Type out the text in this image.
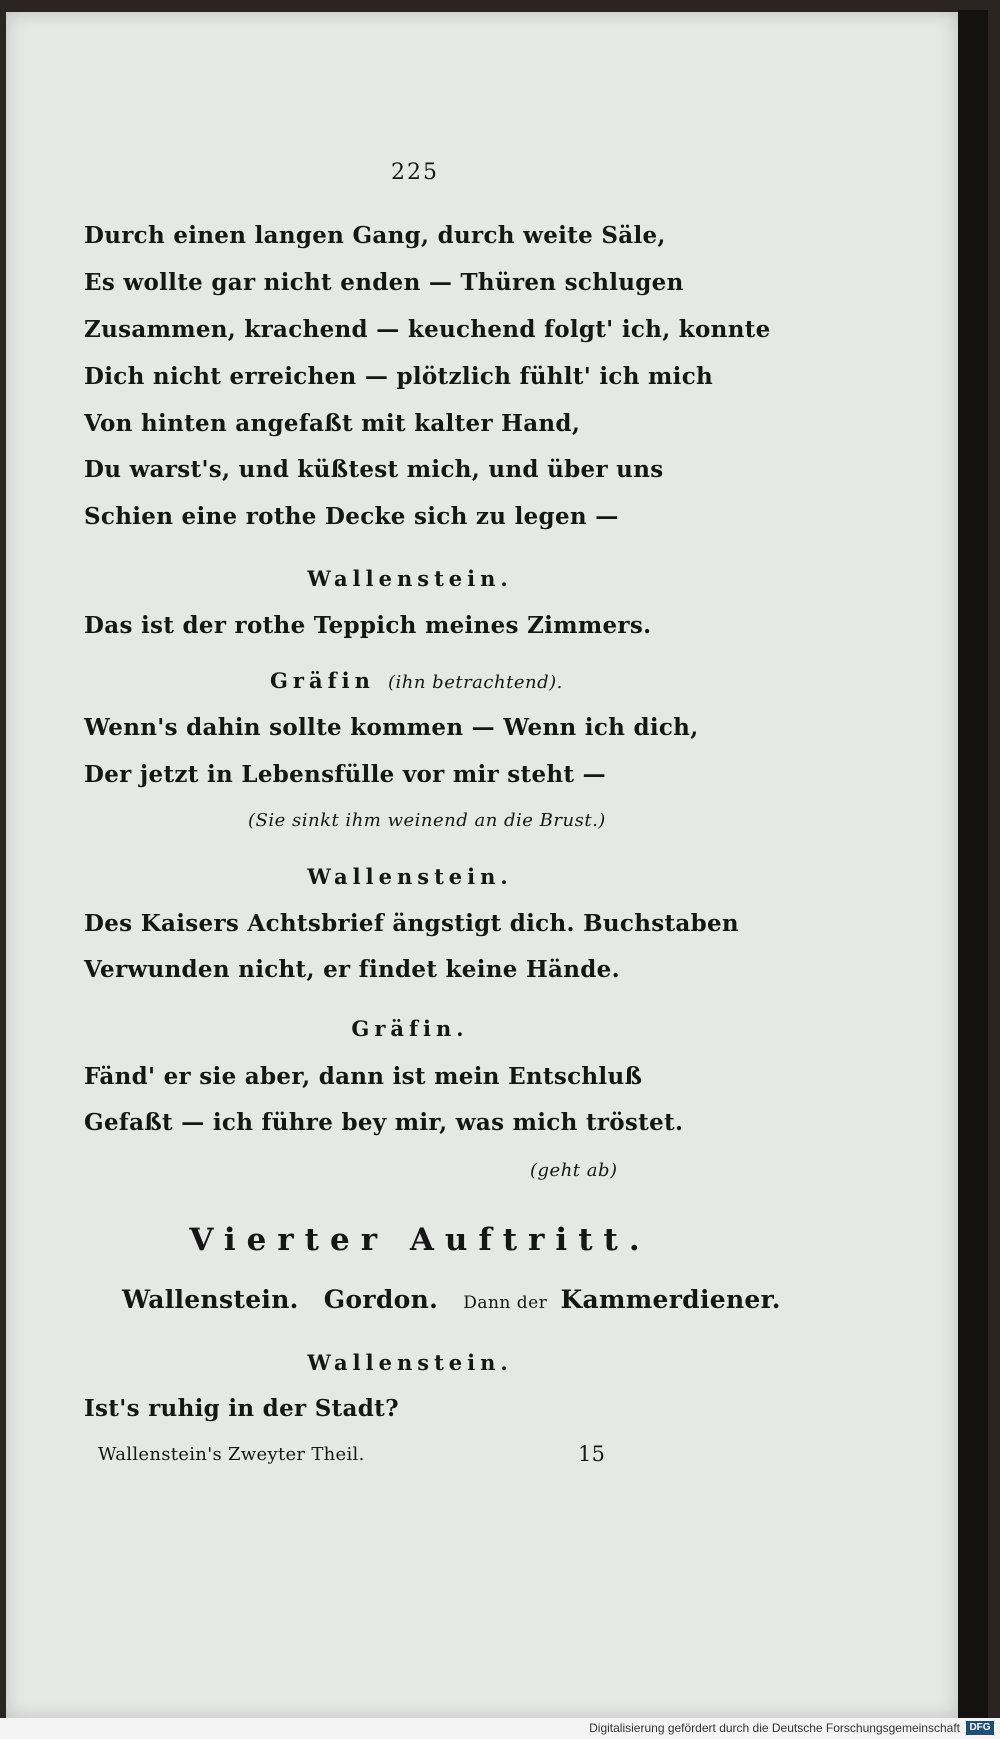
225
Durch einen langen Gang, durch weite Säle,
Es wollte gar nicht enden — Thüren schlugen
Zusammen, krachend — keuchend folgt' ich, konnte
Dich nicht erreichen — plötzlich fühlt' ich mich
Von hinten angefaßt mit kalter Hand,
Du warst's, und küßtest mich, und über uns
Schien eine rothe Decke sich zu legen —
Wallenstein.
Das ist der rothe Teppich meines Zimmers.
Gräfin (ihn betrachtend).
Wenn's dahin sollte kommen — Wenn ich dich,
Der jetzt in Lebensfülle vor mir steht —
(Sie sinkt ihm weinend an die Brust.)
Wallenstein.
Des Kaisers Achtsbrief ängstigt dich. Buchstaben
Verwunden nicht, er findet keine Hände.
Gräfin.
Fänd' er sie aber, dann ist mein Entschluß
Gefaßt — ich führe bey mir, was mich tröstet.
(geht ab)
Vierter Auftritt.
Wallenstein. Gordon. Dann der Kammerdiener.
Wallenstein.
Ist's ruhig in der Stadt?
Wallenstein's Zweyter Theil.	15
Digitalisierung gefördert durch die Deutsche Forschungsgemeinschaft DFG
